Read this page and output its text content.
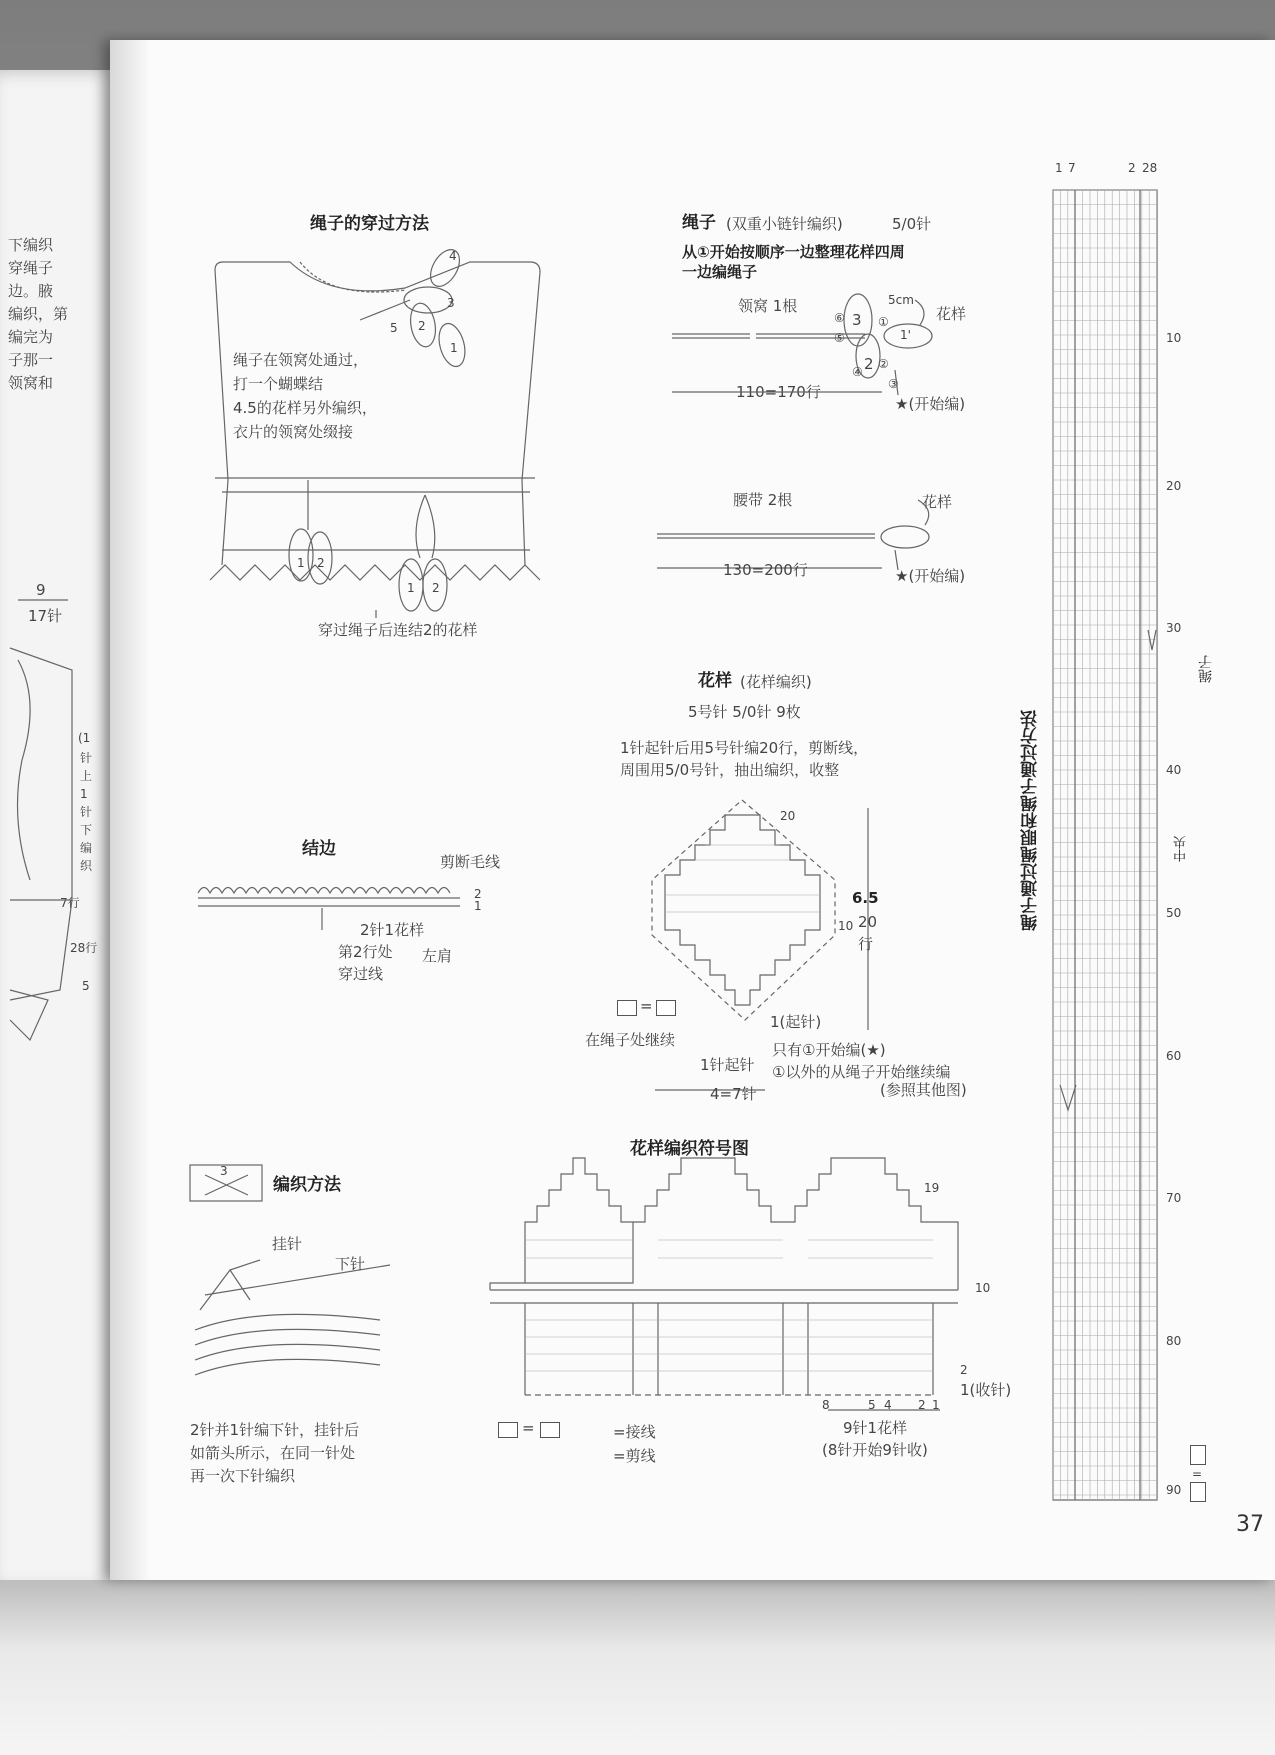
下编织
穿绳子
边。腋
编织，第
编完为
子那一
领窝和
9
17针
(1
针
上
1
针
下
编
织
7行
28行
5
绳子的穿过方法
4
3
5 2
1
1 2
1 2
绳子在领窝处通过，
打一个蝴蝶结
4.5的花样另外编织，
衣片的领窝处缀接
穿过绳子后连结2的花样
绳子 (双重小链针编织)	5/0针
从①开始按顺序一边整理花样四周
一边编绳子
领窝 1根	5cm
花样
110=170行
★(开始编)
⑥ 3
⑤	1'
④
①
②
③
2
腰带 2根	花样
130=200行	★(开始编)
花样 (花样编织)
5号针 5/0针 9枚
1针起针后用5号针编20行，剪断线，
周围用5/0号针，抽出编织，收整
20
10
1(起针)
6.5
20
行
=
在绳子处继续
1针起针
只有①开始编(★)
①以外的从绳子开始继续编
(参照其他图)
4=7针
结边
剪断毛线
2
1
2针1花样
第2行处 左肩
穿过线
花样编织符号图
19
10
2
1(收针)
8	5 4 2 1
9针1花样
(8针开始9针收)
=	=接线
=剪线
3
编织方法
挂针
下针
2针并1针编下针，挂针后
如箭头所示，在同一针处
再一次下针编织
绳子通过绳眼和绳子通过方法
1 7	2 28
10
20
30
40
50
60
70
80
90
绳子
中央
=
37
